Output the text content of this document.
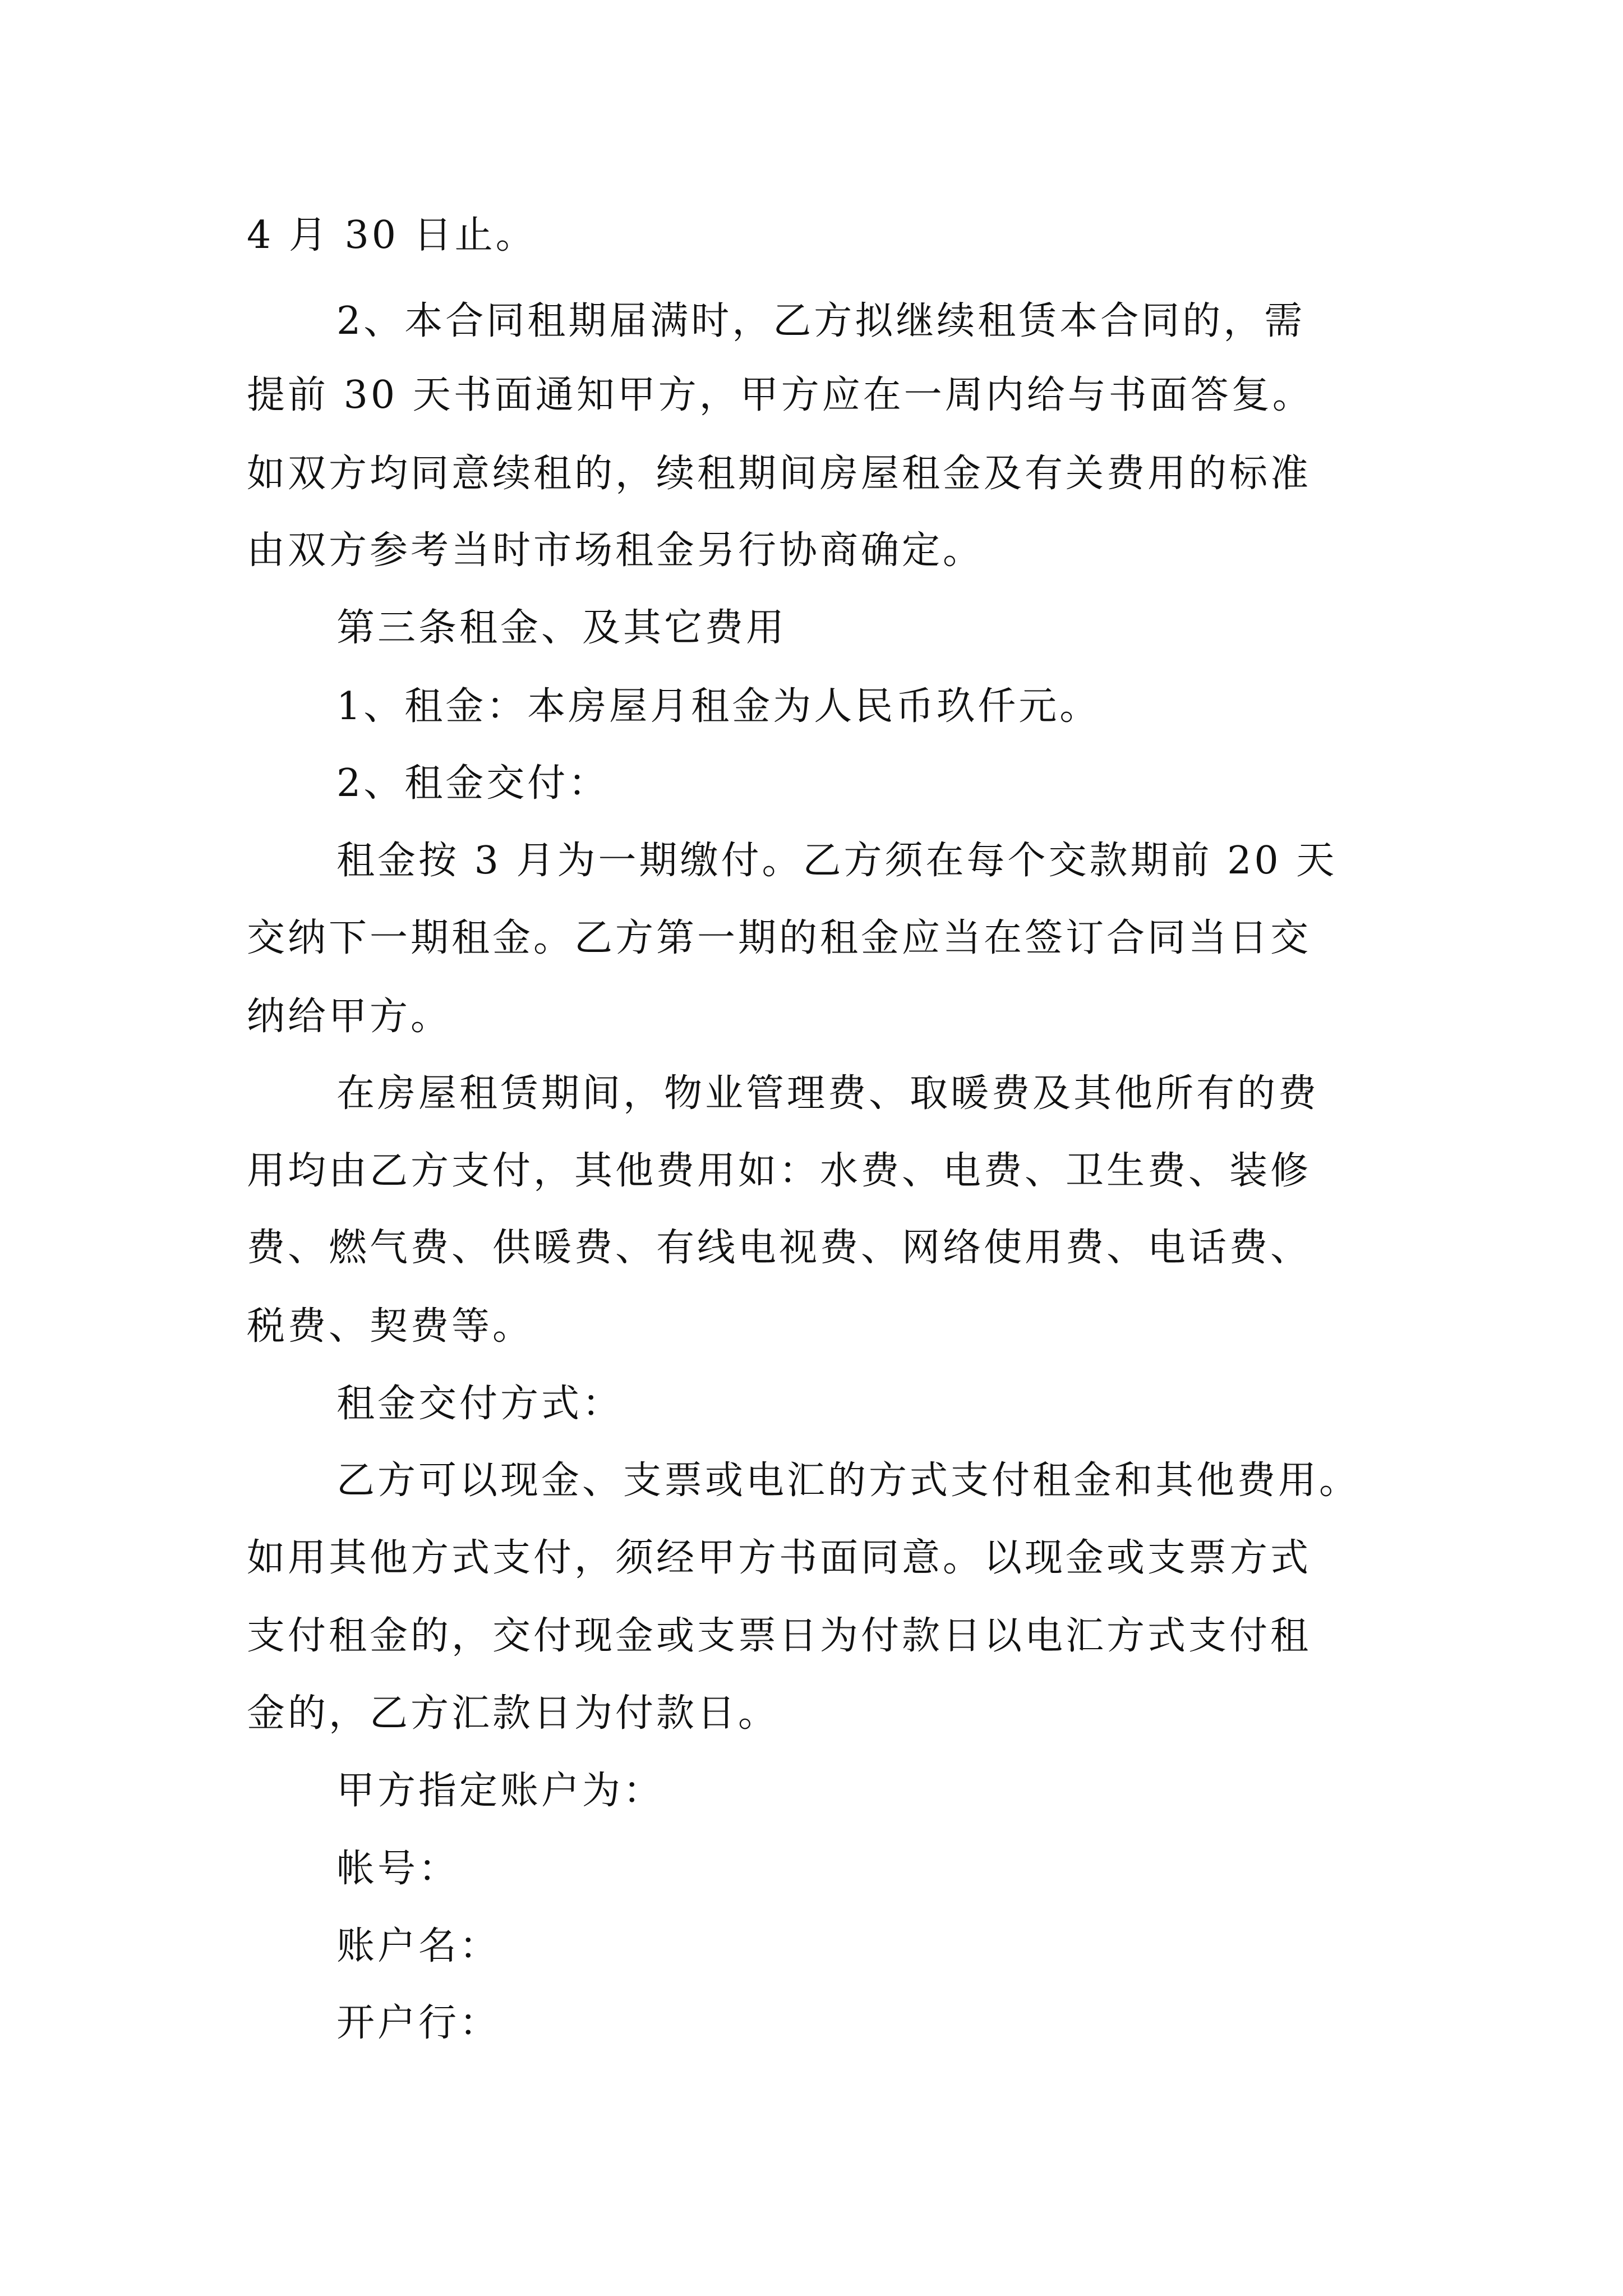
4 月 30 日止。
2、本合同租期届满时，乙方拟继续租赁本合同的，需
提前 30 天书面通知甲方，甲方应在一周内给与书面答复。
如双方均同意续租的，续租期间房屋租金及有关费用的标准
由双方参考当时市场租金另行协商确定。
第三条租金、及其它费用
1、租金：本房屋月租金为人民币玖仟元。
2、租金交付：
租金按 3 月为一期缴付。乙方须在每个交款期前 20 天
交纳下一期租金。乙方第一期的租金应当在签订合同当日交
纳给甲方。
在房屋租赁期间，物业管理费、取暖费及其他所有的费
用均由乙方支付，其他费用如：水费、电费、卫生费、装修
费、燃气费、供暖费、有线电视费、网络使用费、电话费、
税费、契费等。
租金交付方式：
乙方可以现金、支票或电汇的方式支付租金和其他费用。
如用其他方式支付，须经甲方书面同意。以现金或支票方式
支付租金的，交付现金或支票日为付款日以电汇方式支付租
金的，乙方汇款日为付款日。
甲方指定账户为：
帐号：
账户名：
开户行：
